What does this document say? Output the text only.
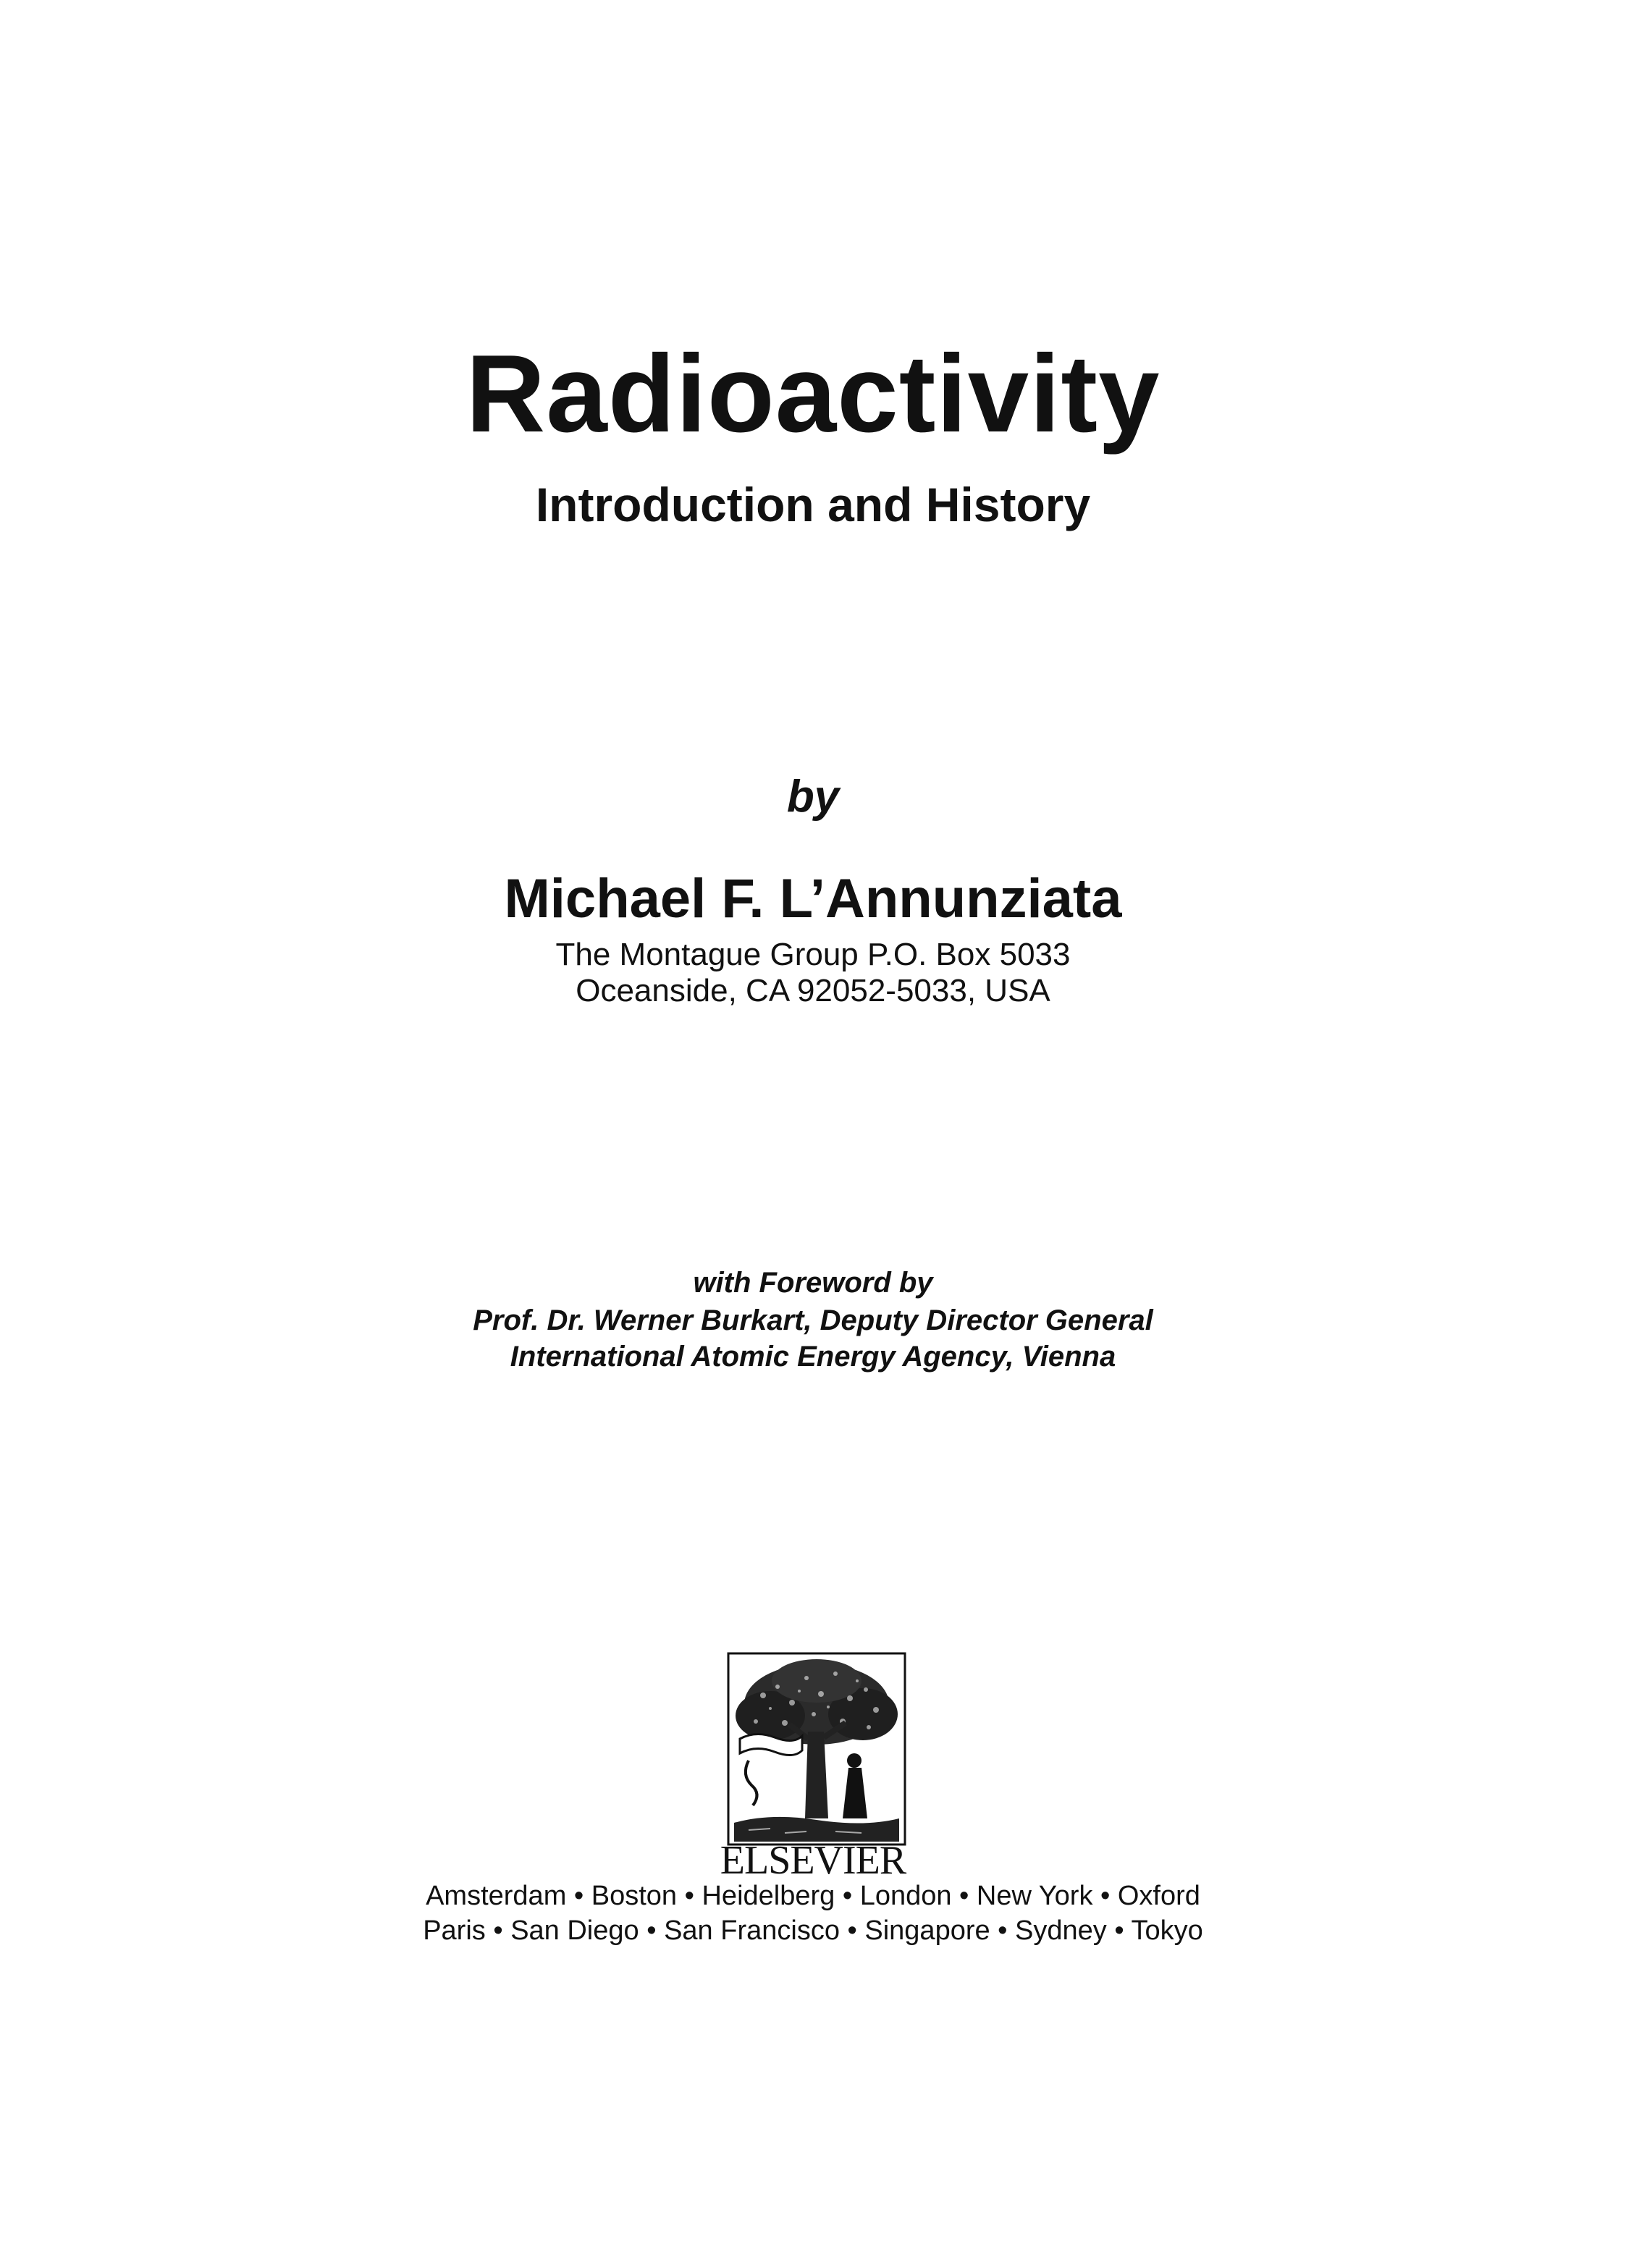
Radioactivity
Introduction and History
by
Michael F. L’Annunziata
The Montague Group P.O. Box 5033
Oceanside, CA 92052-5033, USA
with Foreword by
Prof. Dr. Werner Burkart, Deputy Director General
International Atomic Energy Agency, Vienna
ELSEVIER
Amsterdam • Boston • Heidelberg • London • New York • Oxford
Paris • San Diego • San Francisco • Singapore • Sydney • Tokyo
